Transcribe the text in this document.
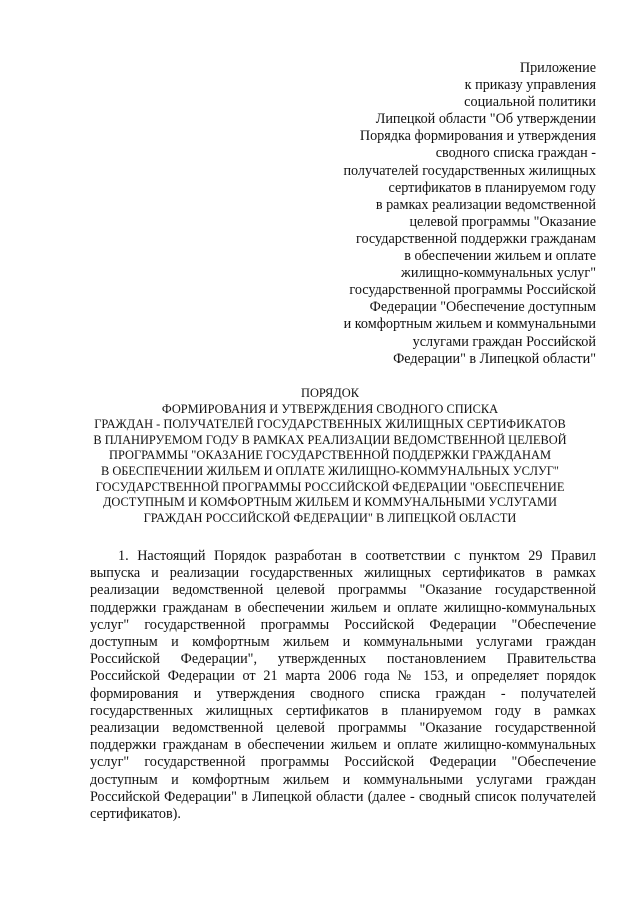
Приложение
к приказу управления
социальной политики
Липецкой области "Об утверждении
Порядка формирования и утверждения
сводного списка граждан -
получателей государственных жилищных
сертификатов в планируемом году
в рамках реализации ведомственной
целевой программы "Оказание
государственной поддержки гражданам
в обеспечении жильем и оплате
жилищно-коммунальных услуг"
государственной программы Российской
Федерации "Обеспечение доступным
и комфортным жильем и коммунальными
услугами граждан Российской
Федерации" в Липецкой области"
ПОРЯДОК
ФОРМИРОВАНИЯ И УТВЕРЖДЕНИЯ СВОДНОГО СПИСКА
ГРАЖДАН - ПОЛУЧАТЕЛЕЙ ГОСУДАРСТВЕННЫХ ЖИЛИЩНЫХ СЕРТИФИКАТОВ
В ПЛАНИРУЕМОМ ГОДУ В РАМКАХ РЕАЛИЗАЦИИ ВЕДОМСТВЕННОЙ ЦЕЛЕВОЙ
ПРОГРАММЫ "ОКАЗАНИЕ ГОСУДАРСТВЕННОЙ ПОДДЕРЖКИ ГРАЖДАНАМ
В ОБЕСПЕЧЕНИИ ЖИЛЬЕМ И ОПЛАТЕ ЖИЛИЩНО-КОММУНАЛЬНЫХ УСЛУГ"
ГОСУДАРСТВЕННОЙ ПРОГРАММЫ РОССИЙСКОЙ ФЕДЕРАЦИИ "ОБЕСПЕЧЕНИЕ
ДОСТУПНЫМ И КОМФОРТНЫМ ЖИЛЬЕМ И КОММУНАЛЬНЫМИ УСЛУГАМИ
ГРАЖДАН РОССИЙСКОЙ ФЕДЕРАЦИИ" В ЛИПЕЦКОЙ ОБЛАСТИ

1. Настоящий Порядок разработан в соответствии с пунктом 29 Правил выпуска и реализации государственных жилищных сертификатов в рамках реализации ведомственной целевой программы "Оказание государственной поддержки гражданам в обеспечении жильем и оплате жилищно-коммунальных услуг" государственной программы Российской Федерации "Обеспечение доступным и комфортным жильем и коммунальными услугами граждан Российской Федерации", утвержденных постановлением Правительства Российской Федерации от 21 марта 2006 года № 153, и определяет порядок формирования и утверждения сводного списка граждан - получателей государственных жилищных сертификатов в планируемом году в рамках реализации ведомственной целевой программы "Оказание государственной поддержки гражданам в обеспечении жильем и оплате жилищно-коммунальных услуг" государственной программы Российской Федерации "Обеспечение доступным и комфортным жильем и коммунальными услугами граждан Российской Федерации" в Липецкой области (далее - сводный список получателей сертификатов).
